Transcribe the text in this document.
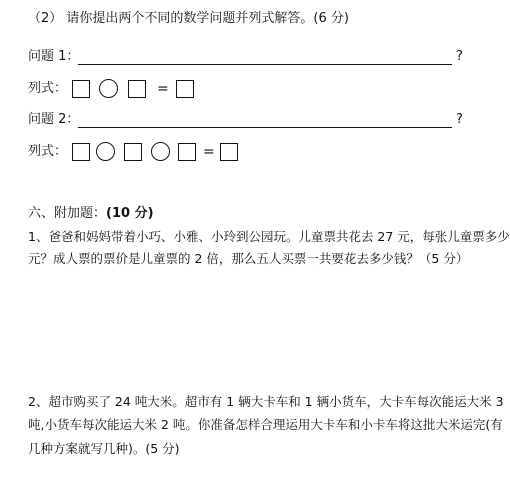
（2） 请你提出两个不同的数学问题并列式解答。(6 分)
问题 1：	?
列式：	=
问题 2：	?
列式：	=
六、附加题：(10 分)
1、爸爸和妈妈带着小巧、小雅、小玲到公园玩。儿童票共花去 27 元，每张儿童票多少
元？成人票的票价是儿童票的 2 倍，那么五人买票一共要花去多少钱？（5 分）
2、超市购买了 24 吨大米。超市有 1 辆大卡车和 1 辆小货车，大卡车每次能运大米 3
吨,小货车每次能运大米 2 吨。你准备怎样合理运用大卡车和小卡车将这批大米运完(有
几种方案就写几种)。(5 分)
